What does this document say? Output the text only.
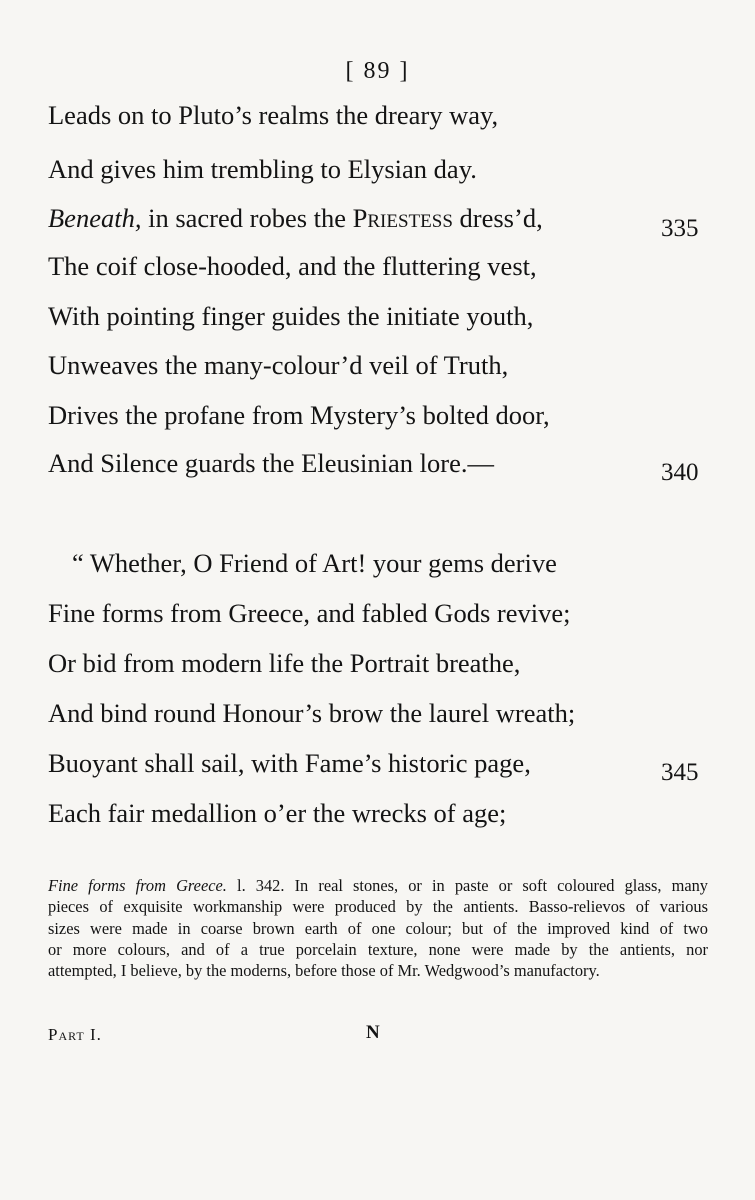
[ 89 ]
Leads on to Pluto’s realms the dreary way,
And gives him trembling to Elysian day.
Beneath, in sacred robes the Priestess dress’d,	335
The coif close-hooded, and the fluttering vest,
With pointing finger guides the initiate youth,
Unweaves the many-colour’d veil of Truth,
Drives the profane from Mystery’s bolted door,
And Silence guards the Eleusinian lore.—	340
“ Whether, O Friend of Art! your gems derive
Fine forms from Greece, and fabled Gods revive;
Or bid from modern life the Portrait breathe,
And bind round Honour’s brow the laurel wreath;
Buoyant shall sail, with Fame’s historic page,	345
Each fair medallion o’er the wrecks of age;
Fine forms from Greece. l. 342. In real stones, or in paste or soft coloured glass, many
pieces of exquisite workmanship were produced by the antients. Basso-relievos of various
sizes were made in coarse brown earth of one colour; but of the improved kind of two
or more colours, and of a true porcelain texture, none were made by the antients, nor
attempted, I believe, by the moderns, before those of Mr. Wedgwood’s manufactory.
Part I.	N
